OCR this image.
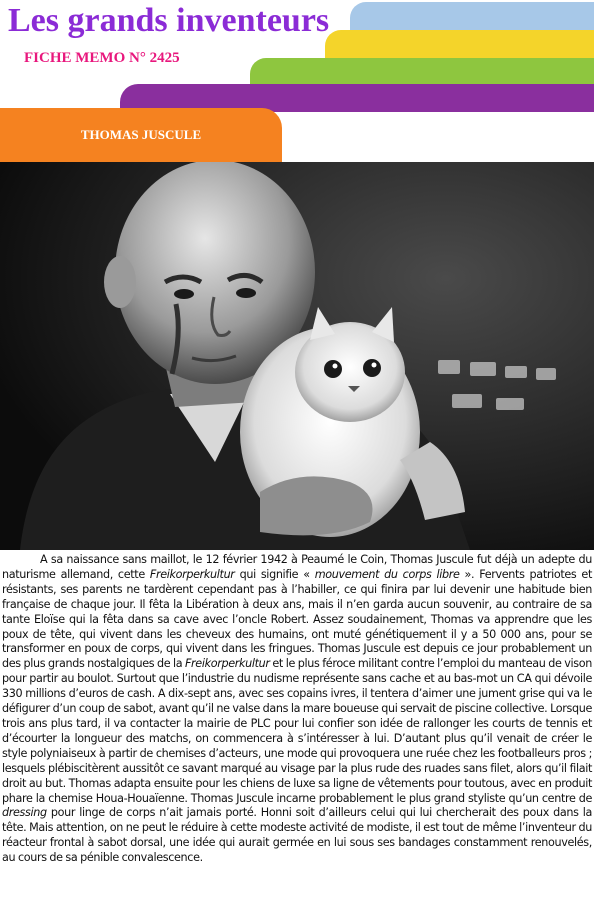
Les grands inventeurs
FICHE MEMO N° 2425
THOMAS JUSCULE

A sa naissance sans maillot, le 12 février 1942 à Peaumé le Coin, Thomas Juscule fut déjà un adepte du naturisme allemand, cette Freikorperkultur qui signifie « mouvement du corps libre ». Fervents patriotes et résistants, ses parents ne tardèrent cependant pas à l’habiller, ce qui finira par lui devenir une habitude bien française de chaque jour. Il fêta la Libération à deux ans, mais il n’en garda aucun souvenir, au contraire de sa tante Eloïse qui la fêta dans sa cave avec l’oncle Robert. Assez soudainement, Thomas va apprendre que les poux de tête, qui vivent dans les cheveux des humains, ont muté génétiquement il y a 50 000 ans, pour se transformer en poux de corps, qui vivent dans les fringues. Thomas Juscule est depuis ce jour probablement un des plus grands nostalgiques de la Freikorperkultur et le plus féroce militant contre l’emploi du manteau de vison pour partir au boulot. Surtout que l’industrie du nudisme représente sans cache et au bas-mot un CA qui dévoile 330 millions d’euros de cash. A dix-sept ans, avec ses copains ivres, il tentera d’aimer une jument grise qui va le défigurer d’un coup de sabot, avant qu’il ne valse dans la mare boueuse qui servait de piscine collective. Lorsque trois ans plus tard, il va contacter la mairie de PLC pour lui confier son idée de rallonger les courts de tennis et d’écourter la longueur des matchs, on commencera à s’intéresser à lui. D’autant plus qu’il venait de créer le style polyniaiseux à partir de chemises d’acteurs, une mode qui provoquera une ruée chez les footballeurs pros ; lesquels plébiscitèrent aussitôt ce savant marqué au visage par la plus rude des ruades sans filet, alors qu’il filait droit au but. Thomas adapta ensuite pour les chiens de luxe sa ligne de vêtements pour toutous, avec en produit phare la chemise Houa-Houaïenne. Thomas Juscule incarne probablement le plus grand styliste qu’un centre de dressing pour linge de corps n’ait jamais porté. Honni soit d’ailleurs celui qui lui chercherait des poux dans la tête. Mais attention, on ne peut le réduire à cette modeste activité de modiste, il est tout de même l’inventeur du réacteur frontal à sabot dorsal, une idée qui aurait germée en lui sous ses bandages constamment renouvelés, au cours de sa pénible convalescence.
